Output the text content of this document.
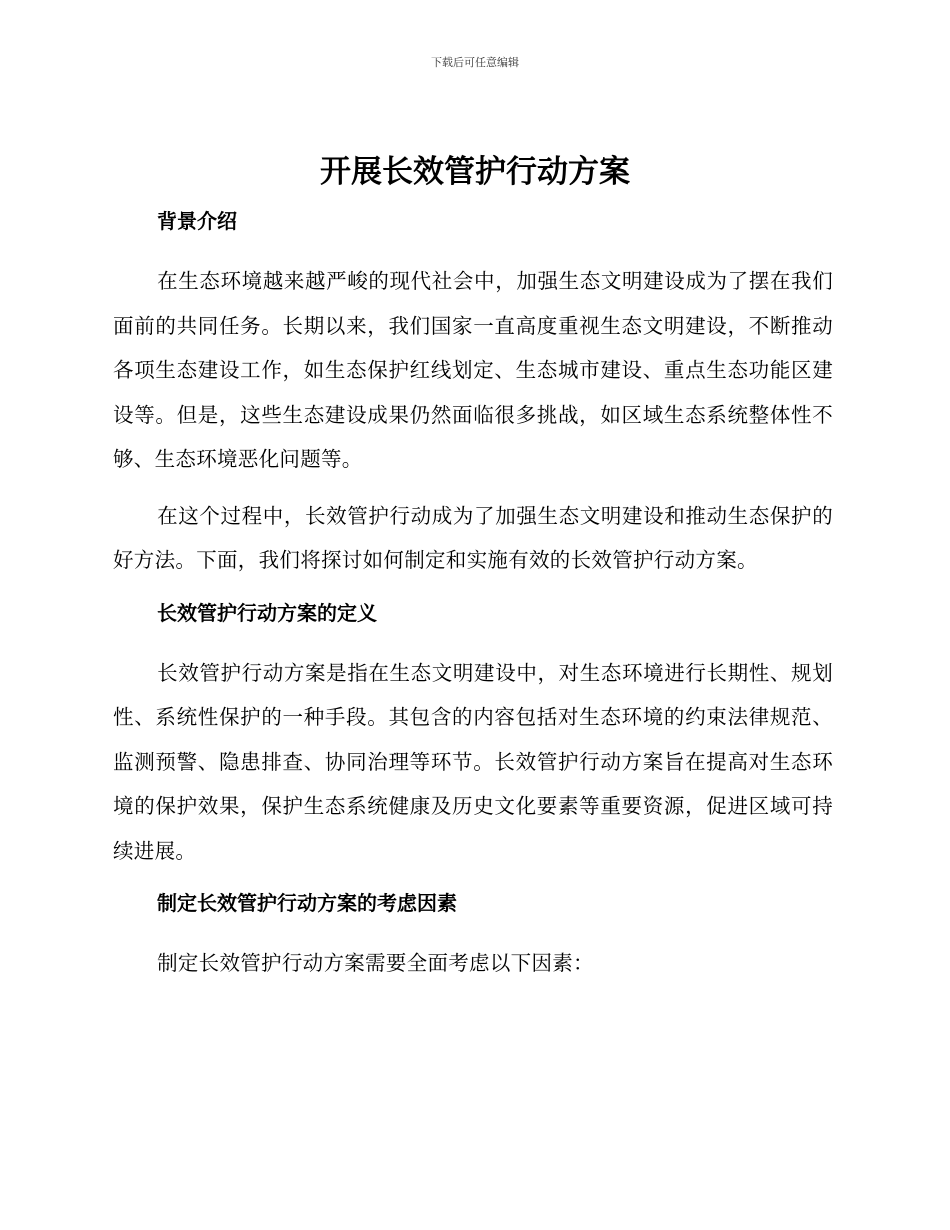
下载后可任意编辑
开展长效管护行动方案

背景介绍

在生态环境越来越严峻的现代社会中，加强生态文明建设成为了摆在我们面前的共同任务。长期以来，我们国家一直高度重视生态文明建设，不断推动各项生态建设工作，如生态保护红线划定、生态城市建设、重点生态功能区建设等。但是，这些生态建设成果仍然面临很多挑战，如区域生态系统整体性不够、生态环境恶化问题等。

在这个过程中，长效管护行动成为了加强生态文明建设和推动生态保护的好方法。下面，我们将探讨如何制定和实施有效的长效管护行动方案。

长效管护行动方案的定义

长效管护行动方案是指在生态文明建设中，对生态环境进行长期性、规划性、系统性保护的一种手段。其包含的内容包括对生态环境的约束法律规范、监测预警、隐患排查、协同治理等环节。长效管护行动方案旨在提高对生态环境的保护效果，保护生态系统健康及历史文化要素等重要资源，促进区域可持续进展。

制定长效管护行动方案的考虑因素

制定长效管护行动方案需要全面考虑以下因素：
